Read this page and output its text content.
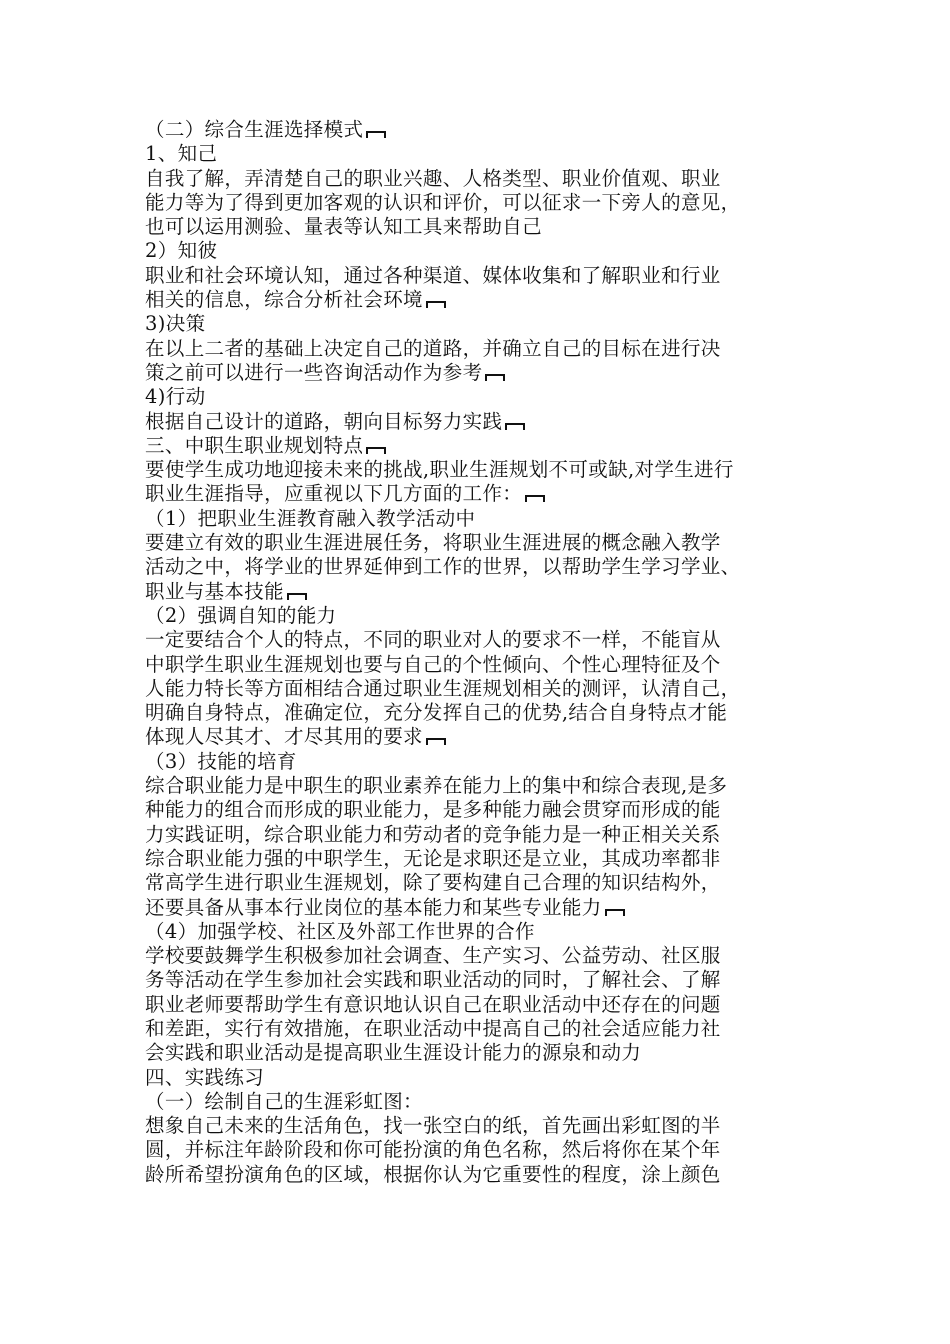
（二）综合生涯选择模式
1、知己
自我了解，弄清楚自己的职业兴趣、人格类型、职业价值观、职业
能力等为了得到更加客观的认识和评价，可以征求一下旁人的意见，
也可以运用测验、量表等认知工具来帮助自己
2）知彼
职业和社会环境认知，通过各种渠道、媒体收集和了解职业和行业
相关的信息，综合分析社会环境
3)决策
在以上二者的基础上决定自己的道路，并确立自己的目标在进行决
策之前可以进行一些咨询活动作为参考
4)行动
根据自己设计的道路，朝向目标努力实践
三、中职生职业规划特点
要使学生成功地迎接未来的挑战,职业生涯规划不可或缺,对学生进行
职业生涯指导，应重视以下几方面的工作：
（1）把职业生涯教育融入教学活动中
要建立有效的职业生涯进展任务，将职业生涯进展的概念融入教学
活动之中，将学业的世界延伸到工作的世界，以帮助学生学习学业、
职业与基本技能
（2）强调自知的能力
一定要结合个人的特点，不同的职业对人的要求不一样，不能盲从
中职学生职业生涯规划也要与自己的个性倾向、个性心理特征及个
人能力特长等方面相结合通过职业生涯规划相关的测评，认清自己，
明确自身特点，准确定位，充分发挥自己的优势,结合自身特点才能
体现人尽其才、才尽其用的要求
（3）技能的培育
综合职业能力是中职生的职业素养在能力上的集中和综合表现,是多
种能力的组合而形成的职业能力，是多种能力融会贯穿而形成的能
力实践证明，综合职业能力和劳动者的竞争能力是一种正相关关系
综合职业能力强的中职学生，无论是求职还是立业，其成功率都非
常高学生进行职业生涯规划，除了要构建自己合理的知识结构外，
还要具备从事本行业岗位的基本能力和某些专业能力
（4）加强学校、社区及外部工作世界的合作
学校要鼓舞学生积极参加社会调查、生产实习、公益劳动、社区服
务等活动在学生参加社会实践和职业活动的同时，了解社会、了解
职业老师要帮助学生有意识地认识自己在职业活动中还存在的问题
和差距，实行有效措施，在职业活动中提高自己的社会适应能力社
会实践和职业活动是提高职业生涯设计能力的源泉和动力
四、实践练习
（一）绘制自己的生涯彩虹图：
想象自己未来的生活角色，找一张空白的纸，首先画出彩虹图的半
圆，并标注年龄阶段和你可能扮演的角色名称，然后将你在某个年
龄所希望扮演角色的区域，根据你认为它重要性的程度，涂上颜色
